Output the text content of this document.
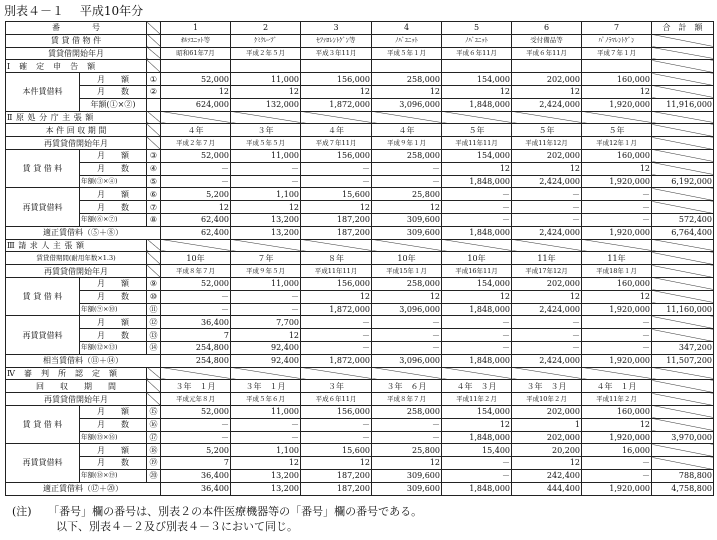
別表４－１　 平成10年分
番　　　　号			1	2	3	4	5	6	7	合　計　額
賃 貸 借 物 件			ｵﾙｿﾕﾆｯﾄ等	ｹﾐｸﾚｰﾌﾞ	ｾﾌｧﾛﾚﾝﾄｹﾞﾝ等	ﾉﾊﾞﾕﾆｯﾄ	ﾉﾊﾞﾕﾆｯﾄ	受付備品等	ﾊﾟﾉﾗﾏﾚﾝﾄｹﾞﾝ	
賃貸借開始年月			昭和61年7月	平成２年５月	平成３年11月	平成５年１月	平成６年11月	平成６年11月	平成７年１月	
Ⅰ　確　定　申　告　額										
本件賃借料	月　　額	①	52,000	11,000	156,000	258,000	154,000	202,000	160,000	
	月　　数	②	12	12	12	12	12	12	12	
	年額(①×②)		624,000	132,000	1,872,000	3,096,000	1,848,000	2,424,000	1,920,000	11,916,000
Ⅱ 原 処 分 庁 主 張 額										
本 件 回 収 期 間			４年	３年	４年	４年	５年	５年	５年	
再賃貸借開始年月			平成２年７月	平成５年５月	平成７年11月	平成９年１月	平成11年11月	平成11年12月	平成12年１月	
賃 貸 借 料	月　　額	③	52,000	11,000	156,000	258,000	154,000	202,000	160,000	
	月　　数	④	－	－	－	－	12	12	12	
	年額(③×④)	⑤	－	－	－	－	1,848,000	2,424,000	1,920,000	6,192,000
再賃貸借料	月　　額	⑥	5,200	1,100	15,600	25,800	－	－	－	
	月　　数	⑦	12	12	12	12	－	－	－	
	年額(⑥×⑦)	⑧	62,400	13,200	187,200	309,600	－	－	－	572,400
適正賃借料（⑤＋⑧）			62,400	13,200	187,200	309,600	1,848,000	2,424,000	1,920,000	6,764,400
Ⅲ 請 求 人 主 張 額										
賃貸借期間(耐用年数×1.3)			10年	７年	８年	10年	10年	11年	11年	
再賃貸借開始年月			平成８年７月	平成９年５月	平成11年11月	平成15年１月	平成16年11月	平成17年12月	平成18年１月	
賃 貸 借 料	月　　額	⑨	52,000	11,000	156,000	258,000	154,000	202,000	160,000	
	月　　数	⑩	－	－	12	12	12	12	12	
	年額(⑨×⑩)	⑪	－	－	1,872,000	3,096,000	1,848,000	2,424,000	1,920,000	11,160,000
再賃貸借料	月　　額	⑫	36,400	7,700	－	－	－	－	－	
	月　　数	⑬	7	12	－	－	－	－	－	
	年額(⑫×⑬)	⑭	254,800	92,400	－	－	－	－	－	347,200
相当賃借料（⑪＋⑭）			254,800	92,400	1,872,000	3,096,000	1,848,000	2,424,000	1,920,000	11,507,200
Ⅳ　審　判　所　認　定　額										
回　　収　　期　　間			３年　１月	３年　１月	３年	３年　６月	４年　３月	３年　３月	４年　１月	
再賃貸借開始年月			平成元年８月	平成５年６月	平成６年11月	平成８年７月	平成11年２月	平成10年２月	平成11年２月	
賃 貸 借 料	月　　額	⑮	52,000	11,000	156,000	258,000	154,000	202,000	160,000	
	月　　数	⑯	－	－	－	－	12	1	12	
	年額(⑮×⑯)	⑰	－	－	－	－	1,848,000	202,000	1,920,000	3,970,000
再賃貸借料	月　　額	⑱	5,200	1,100	15,600	25,800	15,400	20,200	16,000	
	月　　数	⑲	7	12	12	12	－	12	－	
	年額(⑱×⑲)	⑳	36,400	13,200	187,200	309,600	－	242,400	－	788,800
適正賃借料（⑰＋⑳）			36,400	13,200	187,200	309,600	1,848,000	444,400	1,920,000	4,758,800
(注)　　 「番号」欄の番号は、別表２の本件医療機器等の「番号」欄の番号である。
　　　　以下、別表４－２及び別表４－３において同じ。
